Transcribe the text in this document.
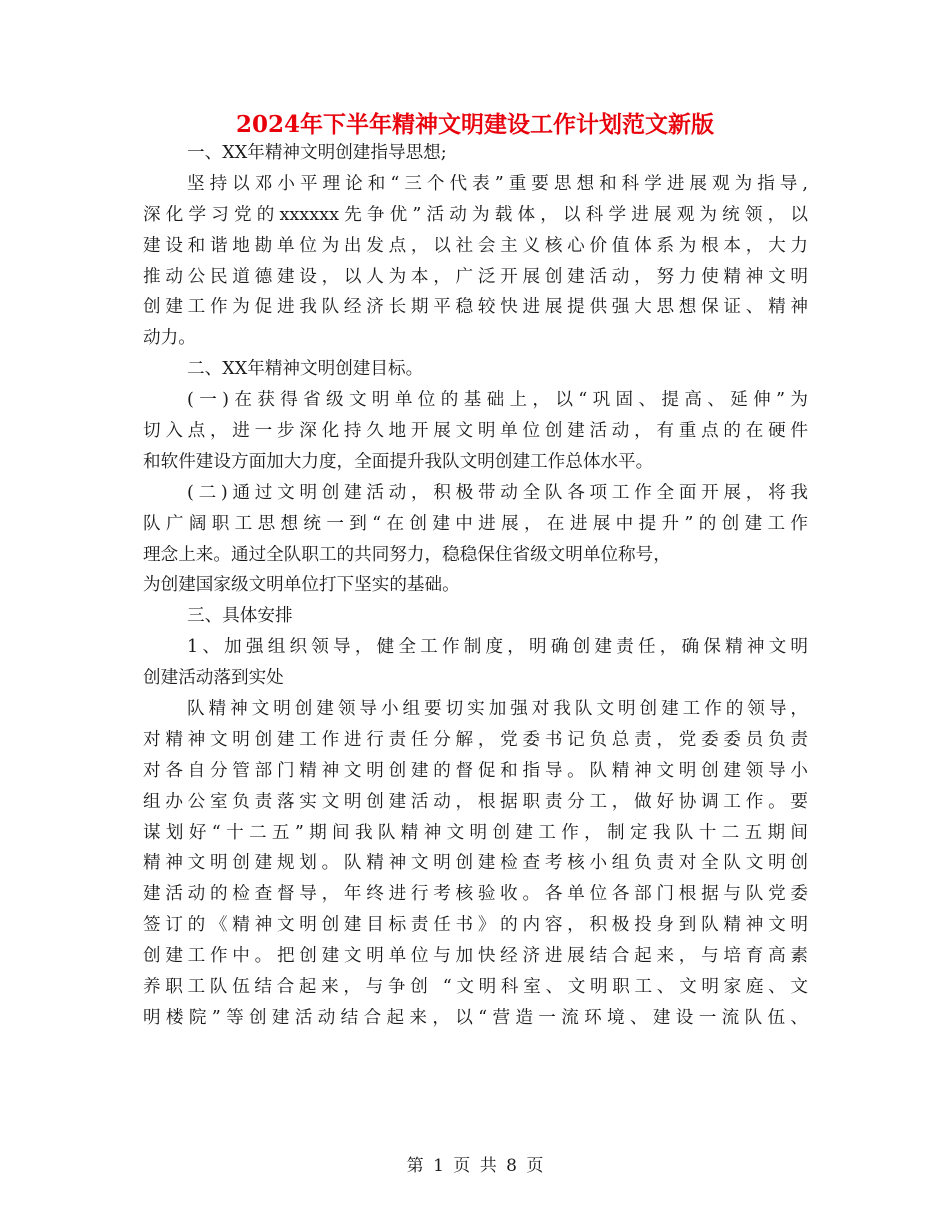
2024年下半年精神文明建设工作计划范文新版
一、XX年精神文明创建指导思想;
坚持以邓小平理论和“三个代表”重要思想和科学进展观为指导,
深化学习党的xxxxxx先争优”活动为载体，以科学进展观为统领，以
建设和谐地勘单位为出发点，以社会主义核心价值体系为根本，大力
推动公民道德建设，以人为本，广泛开展创建活动，努力使精神文明
创建工作为促进我队经济长期平稳较快进展提供强大思想保证、精神
动力。
二、XX年精神文明创建目标。
(一)在获得省级文明单位的基础上，以“巩固、提高、延伸”为
切入点，进一步深化持久地开展文明单位创建活动，有重点的在硬件
和软件建设方面加大力度，全面提升我队文明创建工作总体水平。
(二)通过文明创建活动，积极带动全队各项工作全面开展，将我
队广阔职工思想统一到“在创建中进展，在进展中提升”的创建工作
理念上来。通过全队职工的共同努力，稳稳保住省级文明单位称号，
为创建国家级文明单位打下坚实的基础。
三、具体安排
1、加强组织领导，健全工作制度，明确创建责任，确保精神文明
创建活动落到实处
队精神文明创建领导小组要切实加强对我队文明创建工作的领导，
对精神文明创建工作进行责任分解，党委书记负总责，党委委员负责
对各自分管部门精神文明创建的督促和指导。队精神文明创建领导小
组办公室负责落实文明创建活动，根据职责分工，做好协调工作。要
谋划好“十二五”期间我队精神文明创建工作，制定我队十二五期间
精神文明创建规划。队精神文明创建检查考核小组负责对全队文明创
建活动的检查督导，年终进行考核验收。各单位各部门根据与队党委
签订的《精神文明创建目标责任书》的内容，积极投身到队精神文明
创建工作中。把创建文明单位与加快经济进展结合起来，与培育高素
养职工队伍结合起来，与争创 “文明科室、文明职工、文明家庭、文
明楼院”等创建活动结合起来，以“营造一流环境、建设一流队伍、
第 1 页 共 8 页
